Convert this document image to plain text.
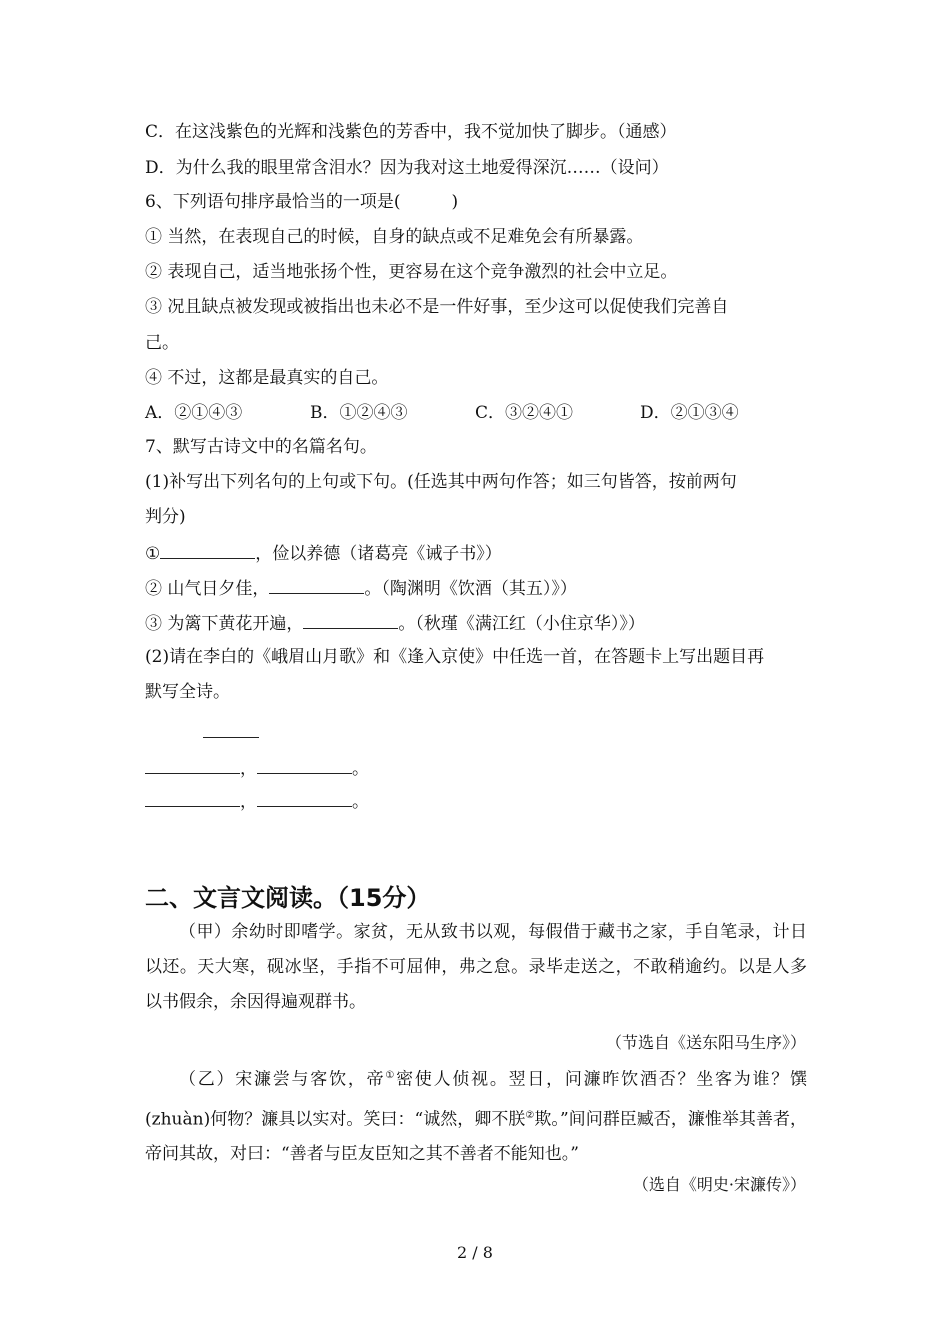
C．在这浅紫色的光辉和浅紫色的芳香中，我不觉加快了脚步。（通感）
D．为什么我的眼里常含泪水？因为我对这土地爱得深沉……（设问）
6、下列语句排序最恰当的一项是(　　　)
① 当然，在表现自己的时候，自身的缺点或不足难免会有所暴露。
② 表现自己，适当地张扬个性，更容易在这个竞争激烈的社会中立足。
③ 况且缺点被发现或被指出也未必不是一件好事，至少这可以促使我们完善自
己。
④ 不过，这都是最真实的自己。
A．②①④③	B．①②④③	C．③②④①	D．②①③④
7、默写古诗文中的名篇名句。
(1)补写出下列名句的上句或下句。(任选其中两句作答；如三句皆答，按前两句
判分)
①	，俭以养德（诸葛亮《诫子书》）
② 山气日夕佳，	。（陶渊明《饮酒（其五）》）
③ 为篱下黄花开遍，	。（秋瑾《满江红（小住京华）》）
(2)请在李白的《峨眉山月歌》和《逢入京使》中任选一首，在答题卡上写出题目再
默写全诗。
，	。
，	。
二、文言文阅读。（15分）
（甲）余幼时即嗜学。家贫，无从致书以观，每假借于藏书之家，手自笔录，计日以还。天大寒，砚冰坚，手指不可屈伸，弗之怠。录毕走送之，不敢稍逾约。以是人多以书假余，余因得遍观群书。
（节选自《送东阳马生序》）
（乙）宋濂尝与客饮，帝①密使人侦视。翌日，问濂昨饮酒否？坐客为谁？馔(zhuàn)何物？濂具以实对。笑曰：“诚然，卿不朕②欺。”间问群臣臧否，濂惟举其善者，帝问其故，对曰：“善者与臣友臣知之其不善者不能知也。”
（选自《明史·宋濂传》）
2 / 8
